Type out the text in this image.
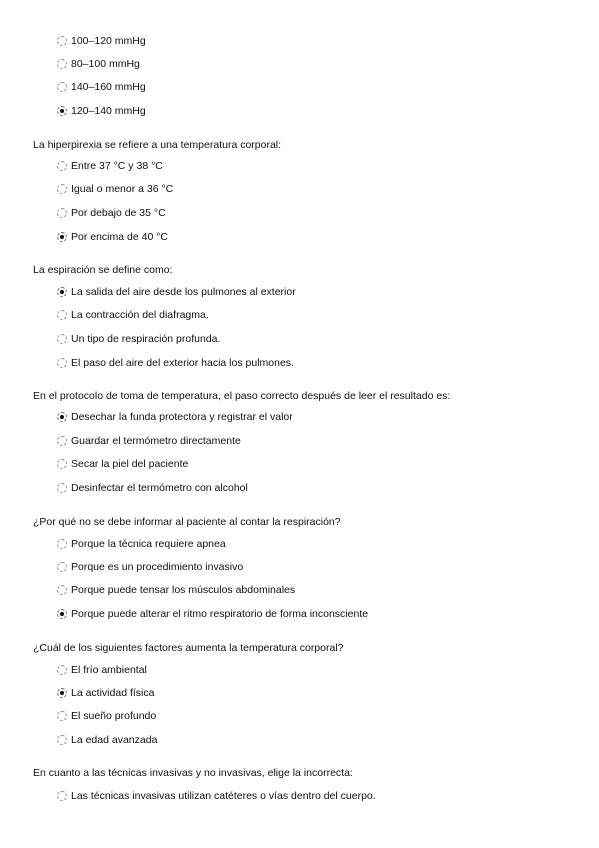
100–120 mmHg
80–100 mmHg
140–160 mmHg
120–140 mmHg
La hiperpirexia se refiere a una temperatura corporal:
Entre 37 °C y 38 °C
Igual o menor a 36 °C
Por debajo de 35 °C
Por encima de 40 °C
La espiración se define como:
La salida del aire desde los pulmones al exterior
La contracción del diafragma.
Un tipo de respiración profunda.
El paso del aire del exterior hacia los pulmones.
En el protocolo de toma de temperatura, el paso correcto después de leer el resultado es:
Desechar la funda protectora y registrar el valor
Guardar el termómetro directamente
Secar la piel del paciente
Desinfectar el termómetro con alcohol
¿Por qué no se debe informar al paciente al contar la respiración?
Porque la técnica requiere apnea
Porque es un procedimiento invasivo
Porque puede tensar los músculos abdominales
Porque puede alterar el ritmo respiratorio de forma inconsciente
¿Cuál de los siguientes factores aumenta la temperatura corporal?
El frío ambiental
La actividad física
El sueño profundo
La edad avanzada
En cuanto a las técnicas invasivas y no invasivas, elige la incorrecta:
Las técnicas invasivas utilizan catéteres o vías dentro del cuerpo.
